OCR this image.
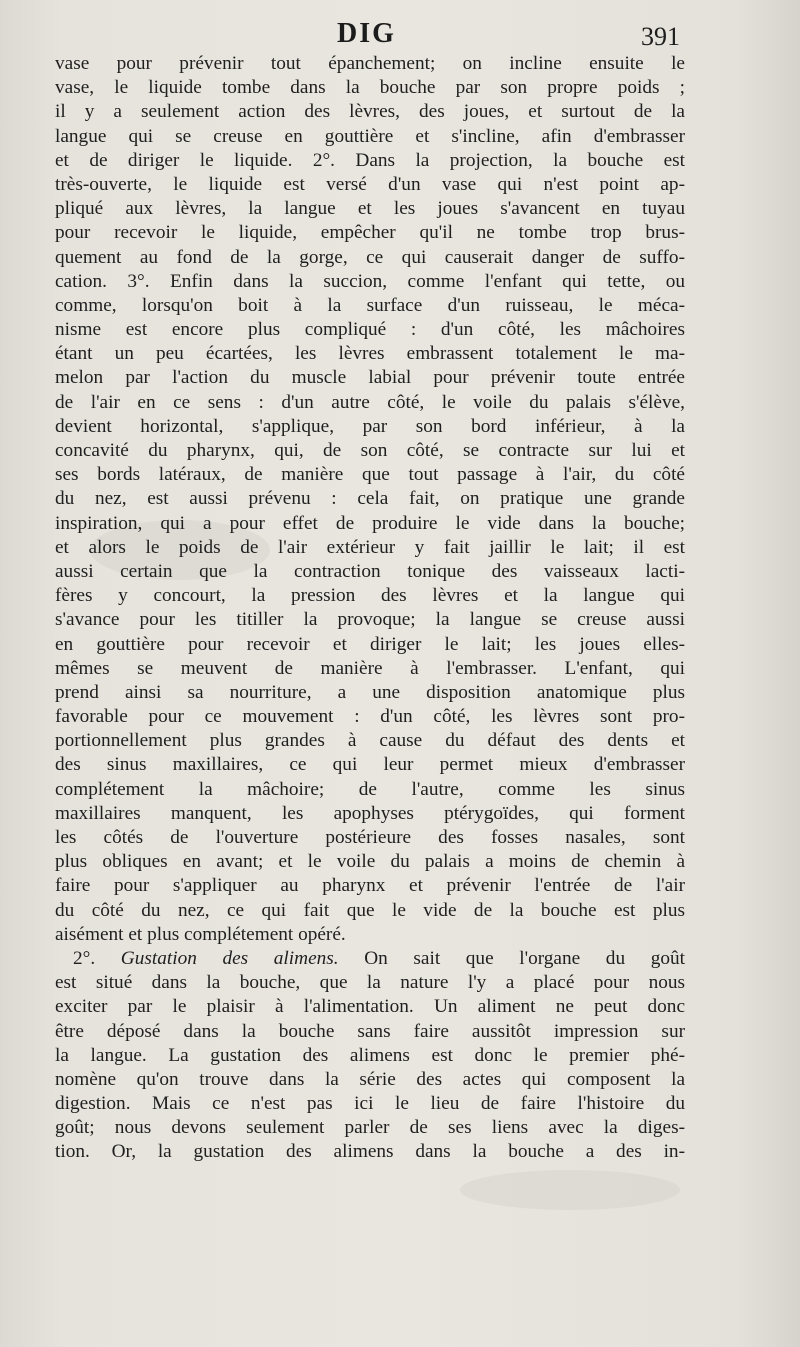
DIG	391
vase pour prévenir tout épanchement; on incline ensuite le
vase, le liquide tombe dans la bouche par son propre poids ;
il y a seulement action des lèvres, des joues, et surtout de la
langue qui se creuse en gouttière et s'incline, afin d'embrasser
et de diriger le liquide. 2°. Dans la projection, la bouche est
très-ouverte, le liquide est versé d'un vase qui n'est point ap-
pliqué aux lèvres, la langue et les joues s'avancent en tuyau
pour recevoir le liquide, empêcher qu'il ne tombe trop brus-
quement au fond de la gorge, ce qui causerait danger de suffo-
cation. 3°. Enfin dans la succion, comme l'enfant qui tette, ou
comme, lorsqu'on boit à la surface d'un ruisseau, le méca-
nisme est encore plus compliqué : d'un côté, les mâchoires
étant un peu écartées, les lèvres embrassent totalement le ma-
melon par l'action du muscle labial pour prévenir toute entrée
de l'air en ce sens : d'un autre côté, le voile du palais s'élève,
devient horizontal, s'applique, par son bord inférieur, à la
concavité du pharynx, qui, de son côté, se contracte sur lui et
ses bords latéraux, de manière que tout passage à l'air, du côté
du nez, est aussi prévenu : cela fait, on pratique une grande
inspiration, qui a pour effet de produire le vide dans la bouche;
et alors le poids de l'air extérieur y fait jaillir le lait; il est
aussi certain que la contraction tonique des vaisseaux lacti-
fères y concourt, la pression des lèvres et la langue qui
s'avance pour les titiller la provoque; la langue se creuse aussi
en gouttière pour recevoir et diriger le lait; les joues elles-
mêmes se meuvent de manière à l'embrasser. L'enfant, qui
prend ainsi sa nourriture, a une disposition anatomique plus
favorable pour ce mouvement : d'un côté, les lèvres sont pro-
portionnellement plus grandes à cause du défaut des dents et
des sinus maxillaires, ce qui leur permet mieux d'embrasser
complétement la mâchoire; de l'autre, comme les sinus
maxillaires manquent, les apophyses ptérygoïdes, qui forment
les côtés de l'ouverture postérieure des fosses nasales, sont
plus obliques en avant; et le voile du palais a moins de chemin à
faire pour s'appliquer au pharynx et prévenir l'entrée de l'air
du côté du nez, ce qui fait que le vide de la bouche est plus
aisément et plus complétement opéré.
2°. Gustation des alimens. On sait que l'organe du goût
est situé dans la bouche, que la nature l'y a placé pour nous
exciter par le plaisir à l'alimentation. Un aliment ne peut donc
être déposé dans la bouche sans faire aussitôt impression sur
la langue. La gustation des alimens est donc le premier phé-
nomène qu'on trouve dans la série des actes qui composent la
digestion. Mais ce n'est pas ici le lieu de faire l'histoire du
goût; nous devons seulement parler de ses liens avec la diges-
tion. Or, la gustation des alimens dans la bouche a des in-
